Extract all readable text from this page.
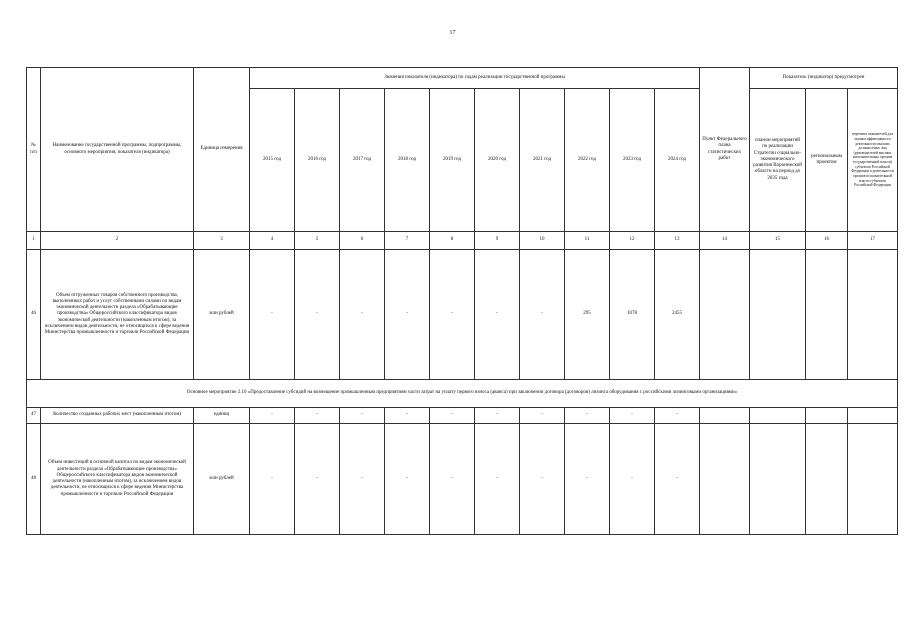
17
№ п/п	Наименование государственной программы, подпрограммы, основного мероприятия, показателя (индикатора)	Единица измерения	Значения показателя (индикатора) по годам реализации государственной программы										Пункт Федерального плана статистических работ	Показатель (индикатор) предусмотрен		
			2015 год	2016 год	2017 год	2018 год	2019 год	2020 год	2021 год	2022 год	2023 год	2024 год		планом мероприятий по реализации Стратегии социально-экономического развития Воронежской области на период до 2035 года	региональным проектом	перечнем показателей для оценки эффективности деятельности высших должностных лиц (руководителей высших исполнительных органов государственной власти) субъектов Российской Федерации и деятельности органов исполнительной власти субъектов Российской Федерации
1	2	3	4	5	6	7	8	9	10	11	12	13	14	15	16	17
46	Объем отгруженных товаров собственного производства, выполненных работ и услуг собственными силами по видам экономической деятельности раздела «Обрабатывающие производства» Общероссийского классификатора видов экономической деятельности (накопленным итогом), за исключением видов деятельности, не относящихся к сфере ведения Министерства промышленности и торговли Российской Федерации	млн рублей	-	-	-	-	-	-	-	295	1078	2455				
Основное мероприятие 2.10 «Предоставление субсидий на возмещение промышленным предприятиям части затрат на уплату первого взноса (аванса) при заключении договора (договоров) лизинга оборудования с российскими лизинговыми организациями»																
47	Количество созданных рабочих мест (накопленным итогом)	единиц	-	-	-	-	-	-	-	-	-	-				
48	Объем инвестиций в основной капитал по видам экономической деятельности раздела «Обрабатывающие производства» Общероссийского классификатора видов экономической деятельности (накопленным итогом), за исключением видов деятельности, не относящихся к сфере ведения Министерства промышленности и торговли Российской Федерации	млн рублей	-	-	-	-	-	-	-	-	-	-				
